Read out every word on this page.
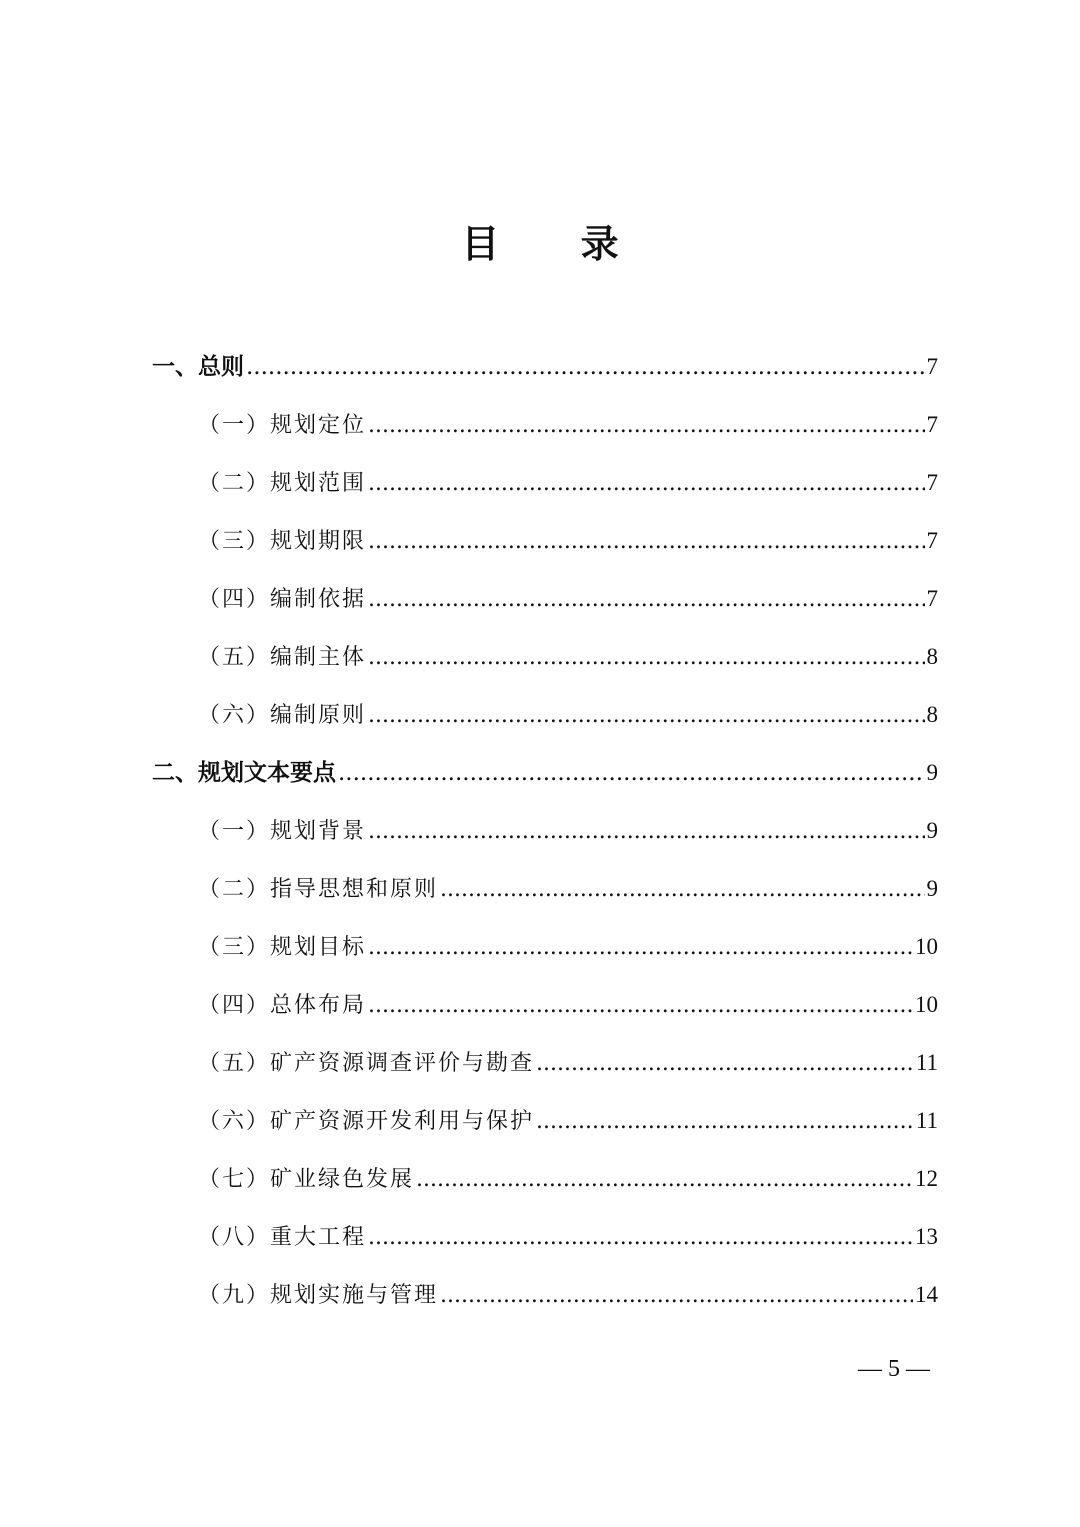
目 录
一、总则 .....	7
（一）规划定位 .....	7
（二）规划范围 .....	7
（三）规划期限 .....	7
（四）编制依据 .....	7
（五）编制主体 .....	8
（六）编制原则 .....	8
二、规划文本要点 .....	9
（一）规划背景 .....	9
（二）指导思想和原则 .....	9
（三）规划目标 .....	10
（四）总体布局 .....	10
（五）矿产资源调查评价与勘查 .....	11
（六）矿产资源开发利用与保护 .....	11
（七）矿业绿色发展 .....	12
（八）重大工程 .....	13
（九）规划实施与管理 .....	14
— 5 —
